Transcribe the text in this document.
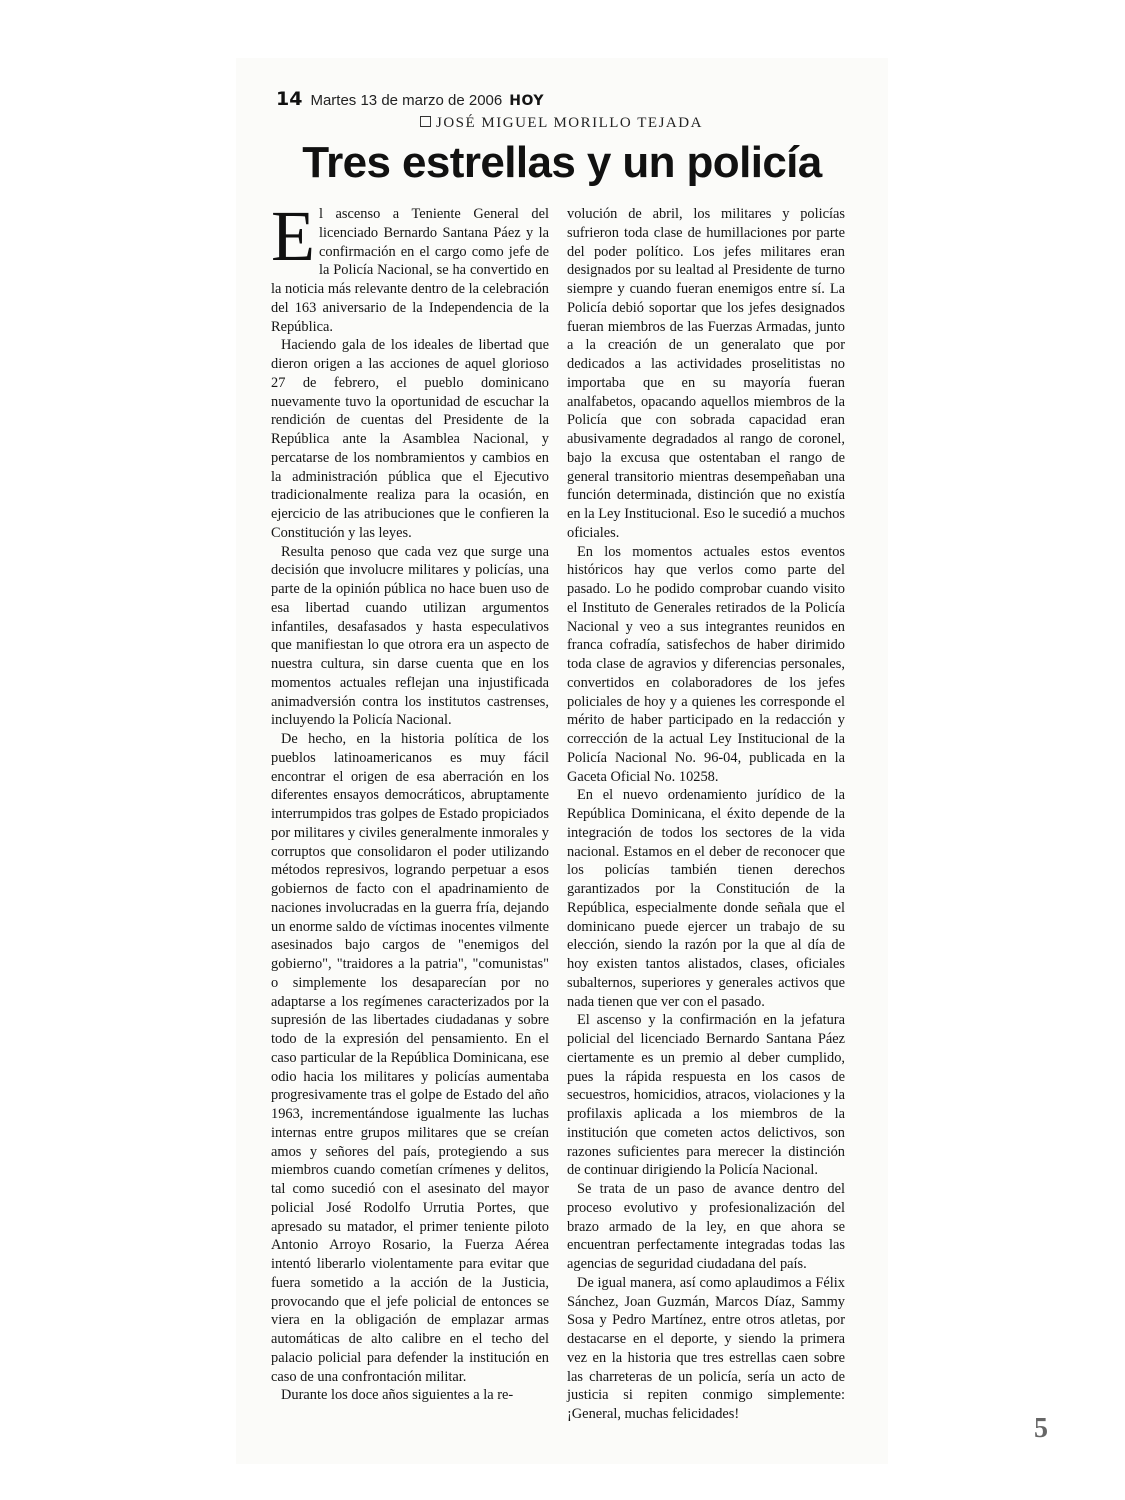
14 Martes 13 de marzo de 2006 HOY
JOSÉ MIGUEL MORILLO TEJADA
Tres estrellas y un policía

El ascenso a Teniente General del licenciado Bernardo Santana Páez y la confirmación en el cargo como jefe de la Policía Nacional, se ha convertido en la noticia más relevante dentro de la celebración del 163 aniversario de la Independencia de la República.

Haciendo gala de los ideales de libertad que dieron origen a las acciones de aquel glorioso 27 de febrero, el pueblo dominicano nuevamente tuvo la oportunidad de escuchar la rendición de cuentas del Presidente de la República ante la Asamblea Nacional, y percatarse de los nombramientos y cambios en la administración pública que el Ejecutivo tradicionalmente realiza para la ocasión, en ejercicio de las atribuciones que le confieren la Constitución y las leyes.

Resulta penoso que cada vez que surge una decisión que involucre militares y policías, una parte de la opinión pública no hace buen uso de esa libertad cuando utilizan argumentos infantiles, desafasados y hasta especulativos que manifiestan lo que otrora era un aspecto de nuestra cultura, sin darse cuenta que en los momentos actuales reflejan una injustificada animadversión contra los institutos castrenses, incluyendo la Policía Nacional.

De hecho, en la historia política de los pueblos latinoamericanos es muy fácil encontrar el origen de esa aberración en los diferentes ensayos democráticos, abruptamente interrumpidos tras golpes de Estado propiciados por militares y civiles generalmente inmorales y corruptos que consolidaron el poder utilizando métodos represivos, logrando perpetuar a esos gobiernos de facto con el apadrinamiento de naciones involucradas en la guerra fría, dejando un enorme saldo de víctimas inocentes vilmente asesinados bajo cargos de "enemigos del gobierno", "traidores a la patria", "comunistas" o simplemente los desaparecían por no adaptarse a los regímenes caracterizados por la supresión de las libertades ciudadanas y sobre todo de la expresión del pensamiento. En el caso particular de la República Dominicana, ese odio hacia los militares y policías aumentaba progresivamente tras el golpe de Estado del año 1963, incrementándose igualmente las luchas internas entre grupos militares que se creían amos y señores del país, protegiendo a sus miembros cuando cometían crímenes y delitos, tal como sucedió con el asesinato del mayor policial José Rodolfo Urrutia Portes, que apresado su matador, el primer teniente piloto Antonio Arroyo Rosario, la Fuerza Aérea intentó liberarlo violentamente para evitar que fuera sometido a la acción de la Justicia, provocando que el jefe policial de entonces se viera en la obligación de emplazar armas automáticas de alto calibre en el techo del palacio policial para defender la institución en caso de una confrontación militar.

Durante los doce años siguientes a la re-

volución de abril, los militares y policías sufrieron toda clase de humillaciones por parte del poder político. Los jefes militares eran designados por su lealtad al Presidente de turno siempre y cuando fueran enemigos entre sí. La Policía debió soportar que los jefes designados fueran miembros de las Fuerzas Armadas, junto a la creación de un generalato que por dedicados a las actividades proselitistas no importaba que en su mayoría fueran analfabetos, opacando aquellos miembros de la Policía que con sobrada capacidad eran abusivamente degradados al rango de coronel, bajo la excusa que ostentaban el rango de general transitorio mientras desempeñaban una función determinada, distinción que no existía en la Ley Institucional. Eso le sucedió a muchos oficiales.

En los momentos actuales estos eventos históricos hay que verlos como parte del pasado. Lo he podido comprobar cuando visito el Instituto de Generales retirados de la Policía Nacional y veo a sus integrantes reunidos en franca cofradía, satisfechos de haber dirimido toda clase de agravios y diferencias personales, convertidos en colaboradores de los jefes policiales de hoy y a quienes les corresponde el mérito de haber participado en la redacción y corrección de la actual Ley Institucional de la Policía Nacional No. 96-04, publicada en la Gaceta Oficial No. 10258.

En el nuevo ordenamiento jurídico de la República Dominicana, el éxito depende de la integración de todos los sectores de la vida nacional. Estamos en el deber de reconocer que los policías también tienen derechos garantizados por la Constitución de la República, especialmente donde señala que el dominicano puede ejercer un trabajo de su elección, siendo la razón por la que al día de hoy existen tantos alistados, clases, oficiales subalternos, superiores y generales activos que nada tienen que ver con el pasado.

El ascenso y la confirmación en la jefatura policial del licenciado Bernardo Santana Páez ciertamente es un premio al deber cumplido, pues la rápida respuesta en los casos de secuestros, homicidios, atracos, violaciones y la profilaxis aplicada a los miembros de la institución que cometen actos delictivos, son razones suficientes para merecer la distinción de continuar dirigiendo la Policía Nacional.

Se trata de un paso de avance dentro del proceso evolutivo y profesionalización del brazo armado de la ley, en que ahora se encuentran perfectamente integradas todas las agencias de seguridad ciudadana del país.

De igual manera, así como aplaudimos a Félix Sánchez, Joan Guzmán, Marcos Díaz, Sammy Sosa y Pedro Martínez, entre otros atletas, por destacarse en el deporte, y siendo la primera vez en la historia que tres estrellas caen sobre las charreteras de un policía, sería un acto de justicia si repiten conmigo simplemente: ¡General, muchas felicidades!	5
